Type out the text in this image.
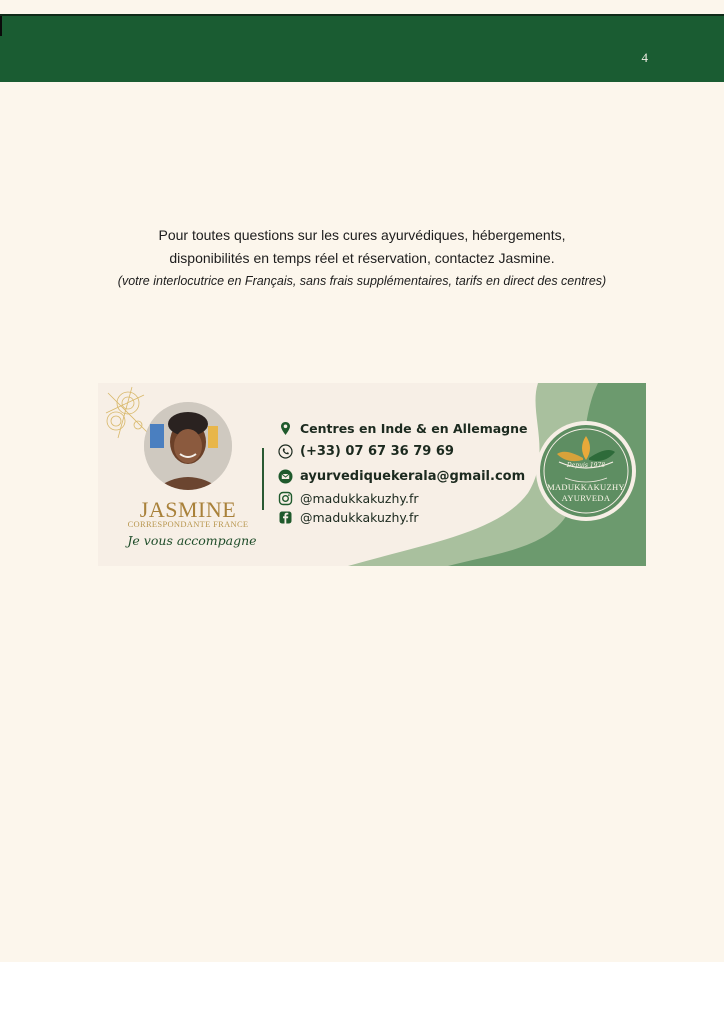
4
Pour toutes questions sur les cures ayurvédiques, hébergements,
disponibilités en temps réel et réservation, contactez Jasmine.
(votre interlocutrice en Français, sans frais supplémentaires, tarifs en direct des centres)
JASMINE
CORRESPONDANTE FRANCE
Je vous accompagne
Centres en Inde & en Allemagne
(+33) 07 67 36 79 69
ayurvediquekerala@gmail.com
@madukkakuzhy.fr
@madukkakuzhy.fr
Depuis 1978
MADUKKAKUZHY
AYURVEDA
